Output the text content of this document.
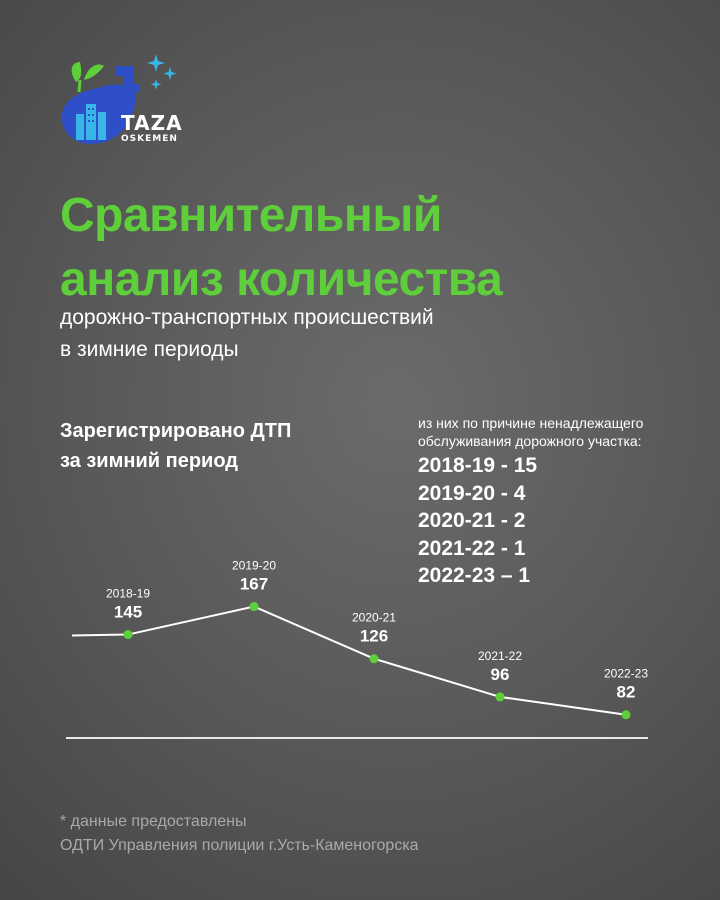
TAZA
OSKEMEN
Сравнительный
анализ количества
дорожно-транспортных происшествий
в зимние периоды
Зарегистрировано ДТП
за зимний период
из них по причине ненадлежащего
обслуживания дорожного участка:
2018-19 - 15
2019-20 - 4
2020-21 - 2
2021-22 - 1
2022-23 – 1
2018-19
145
2019-20
167
2020-21
126
2021-22
96	2022-23
82
* данные предоставлены
ОДТИ Управления полиции г.Усть-Каменогорска
